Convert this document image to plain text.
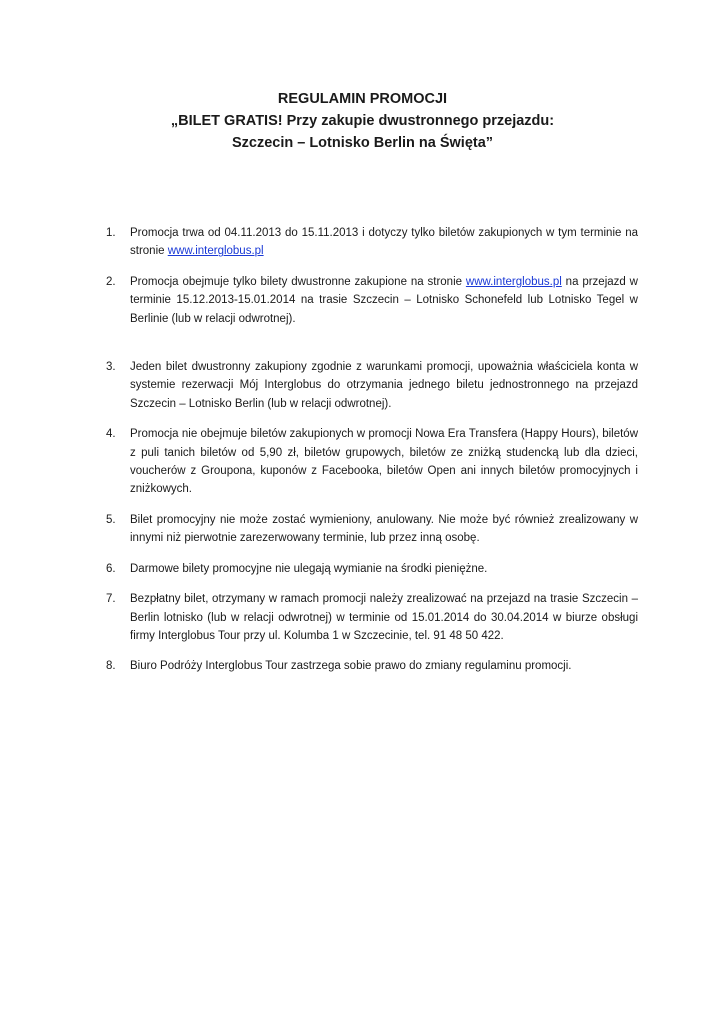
REGULAMIN PROMOCJI
„BILET GRATIS! Przy zakupie dwustronnego przejazdu:
Szczecin – Lotnisko Berlin na Święta”
1. Promocja trwa od 04.11.2013 do 15.11.2013 i dotyczy tylko biletów zakupionych w tym terminie na stronie www.interglobus.pl
2. Promocja obejmuje tylko bilety dwustronne zakupione na stronie www.interglobus.pl na przejazd w terminie 15.12.2013-15.01.2014 na trasie Szczecin – Lotnisko Schonefeld lub Lotnisko Tegel w Berlinie (lub w relacji odwrotnej).
3. Jeden bilet dwustronny zakupiony zgodnie z warunkami promocji, upoważnia właściciela konta w systemie rezerwacji Mój Interglobus do otrzymania jednego biletu jednostronnego na przejazd Szczecin – Lotnisko Berlin (lub w relacji odwrotnej).
4. Promocja nie obejmuje biletów zakupionych w promocji Nowa Era Transfera (Happy Hours), biletów z puli tanich biletów od 5,90 zł, biletów grupowych, biletów ze zniżką studencką lub dla dzieci, voucherów z Groupona, kuponów z Facebooka, biletów Open ani innych biletów promocyjnych i zniżkowych.
5. Bilet promocyjny nie może zostać wymieniony, anulowany. Nie może być również zrealizowany w innymi niż pierwotnie zarezerwowany terminie, lub przez inną osobę.
6. Darmowe bilety promocyjne nie ulegają wymianie na środki pieniężne.
7. Bezpłatny bilet, otrzymany w ramach promocji należy zrealizować na przejazd na trasie Szczecin – Berlin lotnisko (lub w relacji odwrotnej) w terminie od 15.01.2014 do 30.04.2014 w biurze obsługi firmy Interglobus Tour przy ul. Kolumba 1 w Szczecinie, tel. 91 48 50 422.
8. Biuro Podróży Interglobus Tour zastrzega sobie prawo do zmiany regulaminu promocji.
